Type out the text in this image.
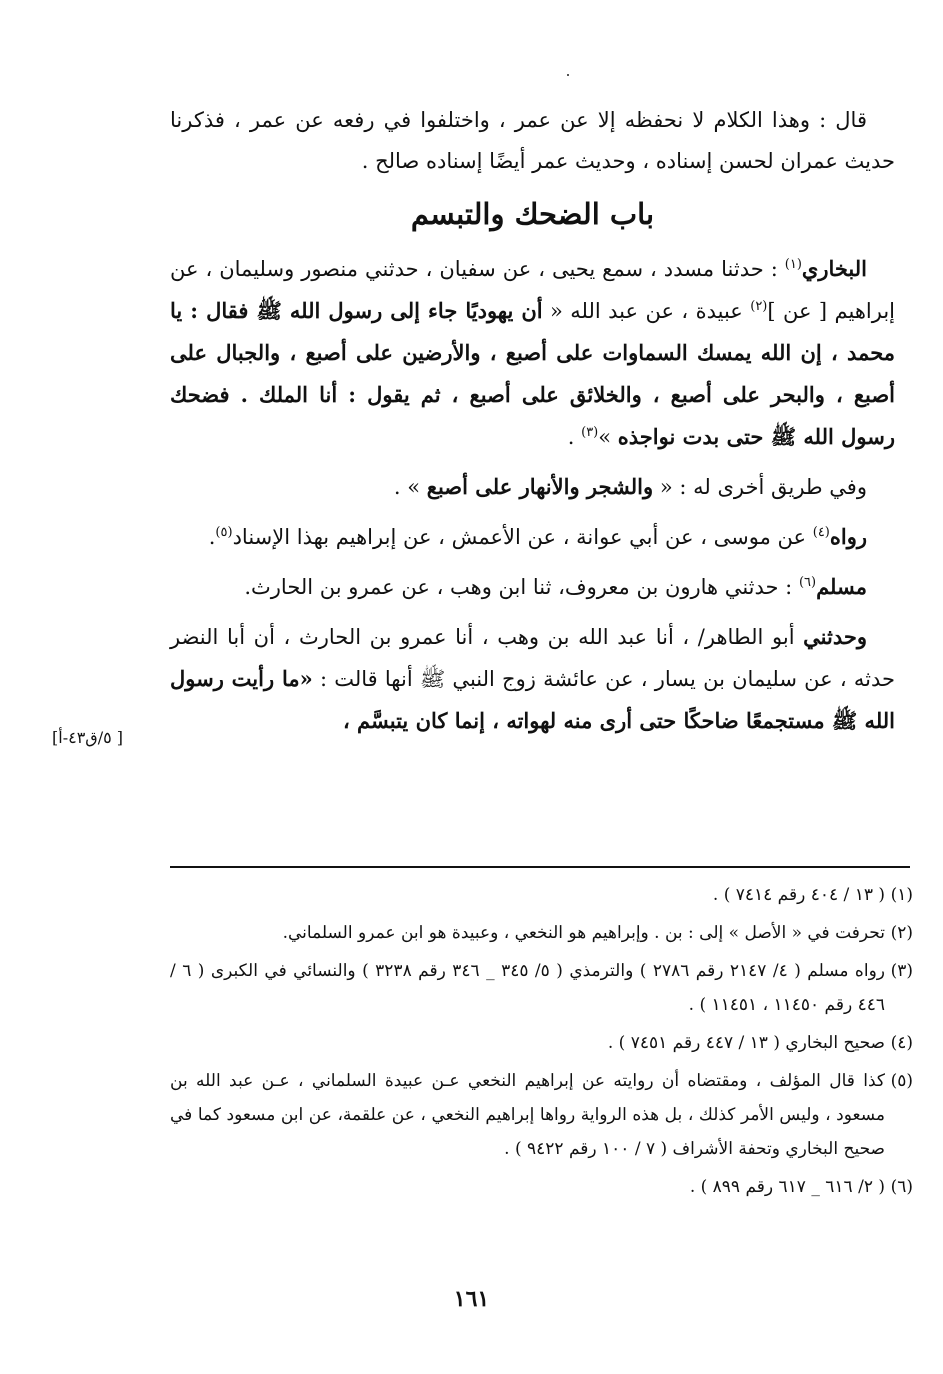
قال : وهذا الكلام لا نحفظه إلا عن عمر ، واختلفوا في رفعه عن عمر ، فذكرنا حديث عمران لحسن إسناده ، وحديث عمر أيضًا إسناده صالح .

باب الضحك والتبسم

البخاري$^{(١)}$ : حدثنا مسدد ، سمع يحيى ، عن سفيان ، حدثني منصور وسليمان ، عن إبراهيم [ عن ]$^{(٢)}$ عبيدة ، عن عبد الله « أن يهوديًا جاء إلى رسول الله ﷺ فقال : يا محمد ، إن الله يمسك السماوات على أصبع ، والأرضين على أصبع ، والجبال على أصبع ، والبحر على أصبع ، والخلائق على أصبع ، ثم يقول : أنا الملك . فضحك رسول الله ﷺ حتى بدت نواجذه »$^{(٣)}$ .

وفي طريق أخرى له : « والشجر والأنهار على أصبع » .

رواه$^{(٤)}$ عن موسى ، عن أبي عوانة ، عن الأعمش ، عن إبراهيم بهذا الإسناد$^{(٥)}$.

مسلم$^{(٦)}$ : حدثني هارون بن معروف، ثنا ابن وهب ، عن عمرو بن الحارث.

وحدثني أبو الطاهر/ ، أنا عبد الله بن وهب ، أنا عمرو بن الحارث ، أن أبا النضر حدثه ، عن سليمان بن يسار ، عن عائشة زوج النبي ﷺ أنها قالت : «ما رأيت رسول الله ﷺ مستجمعًا ضاحكًا حتى أرى منه لهواته ، إنما كان يتبسَّم ،

[ ٥/ق٤٣-أ]
(١)
( ١٣ / ٤٠٤ رقم ٧٤١٤ ) .
(٢)
تحرفت في « الأصل » إلى : بن . وإبراهيم هو النخعي ، وعبيدة هو ابن عمرو السلماني.
(٣)
رواه مسلم ( ٤/ ٢١٤٧ رقم ٢٧٨٦ ) والترمذي ( ٥/ ٣٤٥ _ ٣٤٦ رقم ٣٢٣٨ ) والنسائي في الكبرى ( ٦ / ٤٤٦ رقم ١١٤٥٠ ، ١١٤٥١ ) .
(٤)
صحيح البخاري ( ١٣ / ٤٤٧ رقم ٧٤٥١ ) .
(٥)
كذا قال المؤلف ، ومقتضاه أن روايته عن إبراهيم النخعي عـن عبيدة السلماني ، عـن عبد الله بن مسعود ، وليس الأمر كذلك ، بل هذه الرواية رواها إبراهيم النخعي ، عن علقمة، عن ابن مسعود كما في صحيح البخاري وتحفة الأشراف ( ٧ / ١٠٠ رقم ٩٤٢٢ ) .
(٦)
( ٢/ ٦١٦ _ ٦١٧ رقم ٨٩٩ ) .
١٦١
